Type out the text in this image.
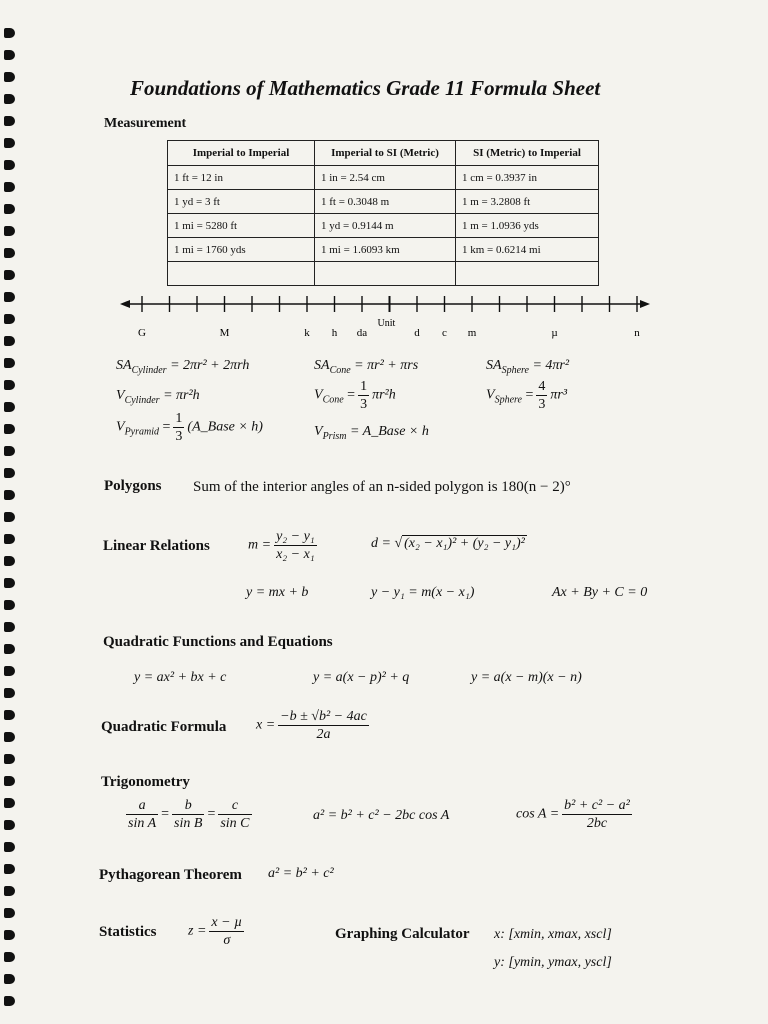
Foundations of Mathematics Grade 11 Formula Sheet
Measurement
Imperial to Imperial	Imperial to SI (Metric)	SI (Metric) to Imperial
1 ft = 12 in	1 in = 2.54 cm	1 cm = 0.3937 in
1 yd = 3 ft	1 ft = 0.3048 m	1 m = 3.2808 ft
1 mi = 5280 ft	1 yd = 0.9144 m	1 m = 1.0936 yds
1 mi = 1760 yds	1 mi = 1.6093 km	1 km = 0.6214 mi

Unit
G	M	k h da	d c m	µ	n
$SA_{Cylinder} = 2\pi r^2 + 2\pi rh$	$SA_{Cone} = \pi r^2 + \pi rs$	$SA_{Sphere} = 4\pi r^2$
$V_{Cylinder} = \pi r^2h$	$V_{Cone} = \frac{1}{3} \pi r^2h$	$V_{Sphere} = \frac{4}{3} \pi r^3$
$V_{Pyramid} = \frac{1}{3}$ (A_Base × h)	$V_{Prism}$ = A_Base × h
Polygons Sum of the interior angles of an n-sided polygon is 180(n − 2)°
Linear Relations	$m = \frac{\text{y₂ − y₁}}{\text{x₂ − x₁}}$	d = √ (x₂ − x₁)² + (y₂ − y₁)²
y = mx + b	y − y₁ = m(x − x₁)	Ax + By + C = 0
Quadratic Functions and Equations
y = ax² + bx + c	y = a(x − p)² + q	y = a(x − m)(x − n)
Quadratic Formula $x = \frac{\text{−b ± √b² − 4ac}}{2a}$
Trigonometry
$\frac{a}{\text{sin A}} = \frac{b}{\text{sin B}} = \frac{c}{\text{sin C}}$	a² = b² + c² − 2bc cos A	$\cos A = \frac{\text{b² + c² − a²}}{2bc}$
Pythagorean Theorem a² = b² + c²
Statistics $z = \frac{\text{x − µ}}{\sigma}$	Graphing Calculator x: [xmin, xmax, xscl]
y: [ymin, ymax, yscl]
